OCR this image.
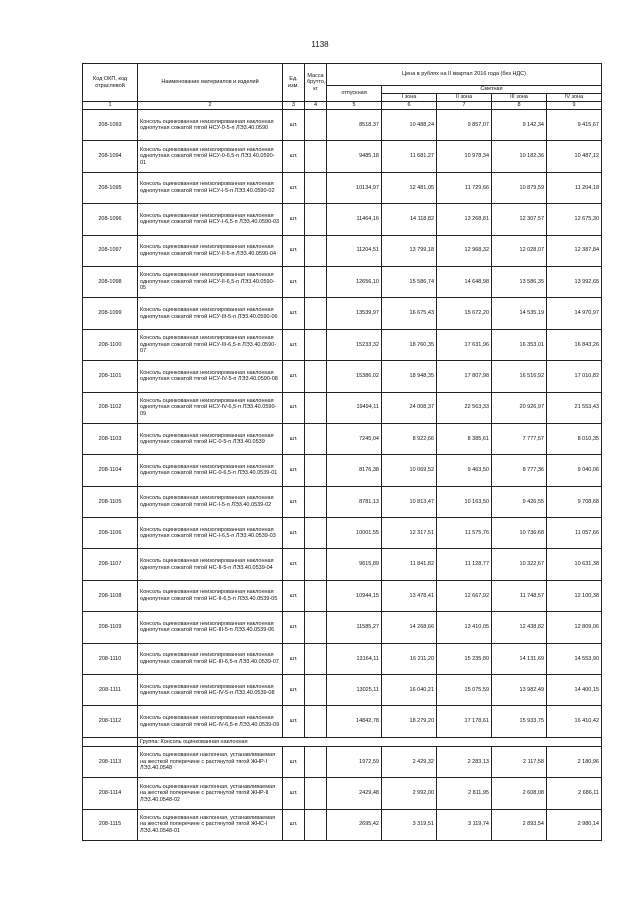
1138
Код ОКП, код отраслевой	Наименование материалов и изделий	Ед. изм.	Масса брутто, кг	Цена в рублях на II квартал 2016 года (без НДС)				
				отпускная	Сметная			
					I зона	II зона	III зона	IV зона
1	2	3	4	5	6	7	8	9
208-1093	Консоль оцинкованная неизолированная наклонная однопутная сожатой тягой НСУ-0-5-п ЛЭ3.40.0590	шт.		8518,37	10 488,24	9 857,07	9 142,34	9 415,67
208-1094	Консоль оцинкованная неизолированная наклонная однопутная сожатой тягой НСУ-0-6,5-п ЛЭ3.40.0590-01	шт.		9485,18	11 681,27	10 978,34	10 182,36	10 487,12
208-1095	Консоль оцинкованная неизолированная наклонная однопутная сожатой тягой НСУ-I-5-п ЛЭ3.40.0590-02	шт.		10134,97	12 481,05	11 729,66	10 879,59	11 204,18
208-1096	Консоль оцинкованная неизолированная наклонная однопутная сожатой тягой НСУ-I-6,5-п ЛЭ3.40.0590-03	шт.		11464,16	14 118,82	13 268,81	12 307,57	12 675,30
208-1097	Консоль оцинкованная неизолированная наклонная однопутная сожатой тягой НСУ-II-5-п ЛЭ3.40.0590-04	шт.		11204,51	13 799,18	12 968,32	12 028,07	12 387,84
208-1098	Консоль оцинкованная неизолированная наклонная однопутная сожатой тягой НСУ-II-6,5-п ЛЭ3.40.0590-05	шт.		12656,10	15 586,74	14 648,98	13 586,35	13 992,65
208-1099	Консоль оцинкованная неизолированная наклонная однопутная сожатой тягой НСУ-III-5-п ЛЭ3.40.0590-06	шт.		13539,97	16 675,43	15 672,20	14 535,19	14 970,97
208-1100	Консоль оцинкованная неизолированная наклонная однопутная сожатой тягой НСУ-III-6,5-п ЛЭ3.40.0590-07	шт.		15233,32	18 760,35	17 631,96	16 353,01	16 843,26
208-1101	Консоль оцинкованная неизолированная наклонная однопутная сожатой тягой НСУ-IV-5-п ЛЭ3.40.0590-08	шт.		15386,02	18 948,35	17 807,98	16 516,92	17 010,82
208-1102	Консоль оцинкованная неизолированная наклонная однопутная сожатой тягой НСУ-IV-6,5-п ЛЭ3.40.0590-09	шт.		19494,11	24 008,37	22 563,33	20 926,97	21 553,43
208-1103	Консоль оцинкованная неизолированная наклонная однопутная сожатой тягой НС-0-5-п ЛЭ3.40.0539	шт.		7245,04	8 922,66	8 385,61	7 777,57	8 010,35
208-1104	Консоль оцинкованная неизолированная наклонная однопутная сожатой тягой НС-0-6,5-п ЛЭ3.40.0539-01	шт.		8176,38	10 069,52	9 463,50	8 777,36	9 040,06
208-1105	Консоль оцинкованная неизолированная наклонная однопутная сожатой тягой НС-I-5-п ЛЭ3.40.0539-02	шт.		8781,13	10 813,47	10 163,50	9 426,55	9 708,68
208-1106	Консоль оцинкованная неизолированная наклонная однопутная сожатой тягой НС-I-6,5-п ЛЭ3.40.0539-03	шт.		10001,55	12 317,51	11 575,76	10 736,68	11 057,66
208-1107	Консоль оцинкованная неизолированная наклонная однопутная сожатой тягой НС-II-5-п ЛЭ3.40.0539-04	шт.		9615,89	11 841,82	11 128,77	10 322,67	10 631,38
208-1108	Консоль оцинкованная неизолированная наклонная однопутная сожатой тягой НС-II-6,5-п ЛЭ3.40.0539-05	шт.		10944,15	13 478,41	12 667,92	11 748,57	12 100,38
208-1109	Консоль оцинкованная неизолированная наклонная однопутная сожатой тягой НС-III-5-п ЛЭ3.40.0539-06	шт.		11585,27	14 268,66	13 410,05	12 438,82	12 809,06
208-1110	Консоль оцинкованная неизолированная наклонная однопутная сожатой тягой НС-III-6,5-п ЛЭ3.40.0539-07	шт.		13164,11	16 211,20	15 235,80	14 131,69	14 553,90
208-1111	Консоль оцинкованная неизолированная наклонная однопутная сожатой тягой НС-IV-5-п ЛЭ3.40.0539-08	шт.		13025,11	16 040,21	15 075,59	13 982,49	14 400,15
208-1112	Консоль оцинкованная неизолированная наклонная однопутная сожатой тягой НС-IV-6,5-п ЛЭ3.40.0539-09	шт.		14842,78	18 279,20	17 178,61	15 933,75	16 410,42
	Группа: Консоль оцинкованная наклонная							
208-1113	Консоль оцинкованная наклонная, устанавливаемая на жесткой поперечине с растянутой тягой ЖНР-I ЛЭ3.40.0548	шт.		1972,59	2 429,32	2 283,13	2 117,58	2 180,96
208-1114	Консоль оцинкованная наклонная, устанавливаемая на жесткой поперечине с растянутой тягой ЖНР-II ЛЭ3.40.0548-02	шт.		2429,48	2 992,00	2 811,95	2 608,08	2 686,11
208-1115	Консоль оцинкованная наклонная, устанавливаемая на жесткой поперечине с растянутой тягой ЖНС-I ЛЭ3.40.0548-01	шт.		2695,42	3 319,51	3 119,74	2 893,54	2 980,14
